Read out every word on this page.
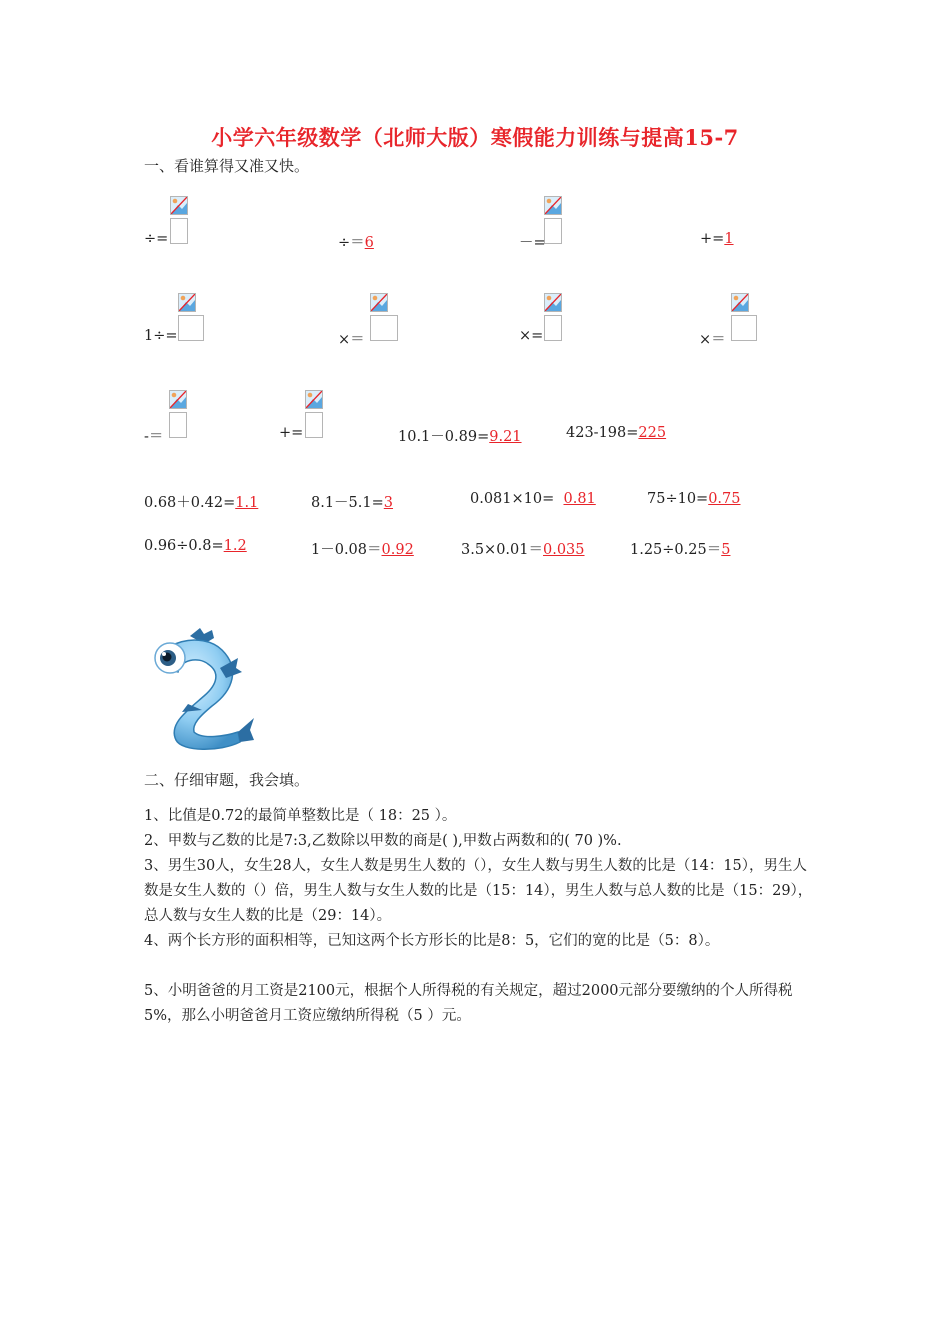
小学六年级数学（北师大版）寒假能力训练与提高15-7
一、看谁算得又准又快。
÷=	÷＝6	－=	+=1
1÷=	×＝	×=	×＝
-＝	+=	10.1－0.89=9.21	423-198=225
0.68＋0.42=1.1	8.1－5.1=3	0.081×10= 0.81	75÷10=0.75
0.96÷0.8=1.2	1－0.08＝0.92	3.5×0.01＝0.035	1.25÷0.25＝5
二、仔细审题，我会填。
1、比值是0.72的最简单整数比是（ 18：25 ）。
2、甲数与乙数的比是7:3,乙数除以甲数的商是( ),甲数占两数和的( 70 )%.
3、男生30人，女生28人，女生人数是男生人数的（），女生人数与男生人数的比是（14：15），男生人数是女生人数的（）倍，男生人数与女生人数的比是（15：14），男生人数与总人数的比是（15：29），总人数与女生人数的比是（29：14）。
4、两个长方形的面积相等，已知这两个长方形长的比是8：5，它们的宽的比是（5：8）。
5、小明爸爸的月工资是2100元，根据个人所得税的有关规定，超过2000元部分要缴纳的个人所得税5%，那么小明爸爸月工资应缴纳所得税（5 ）元。
